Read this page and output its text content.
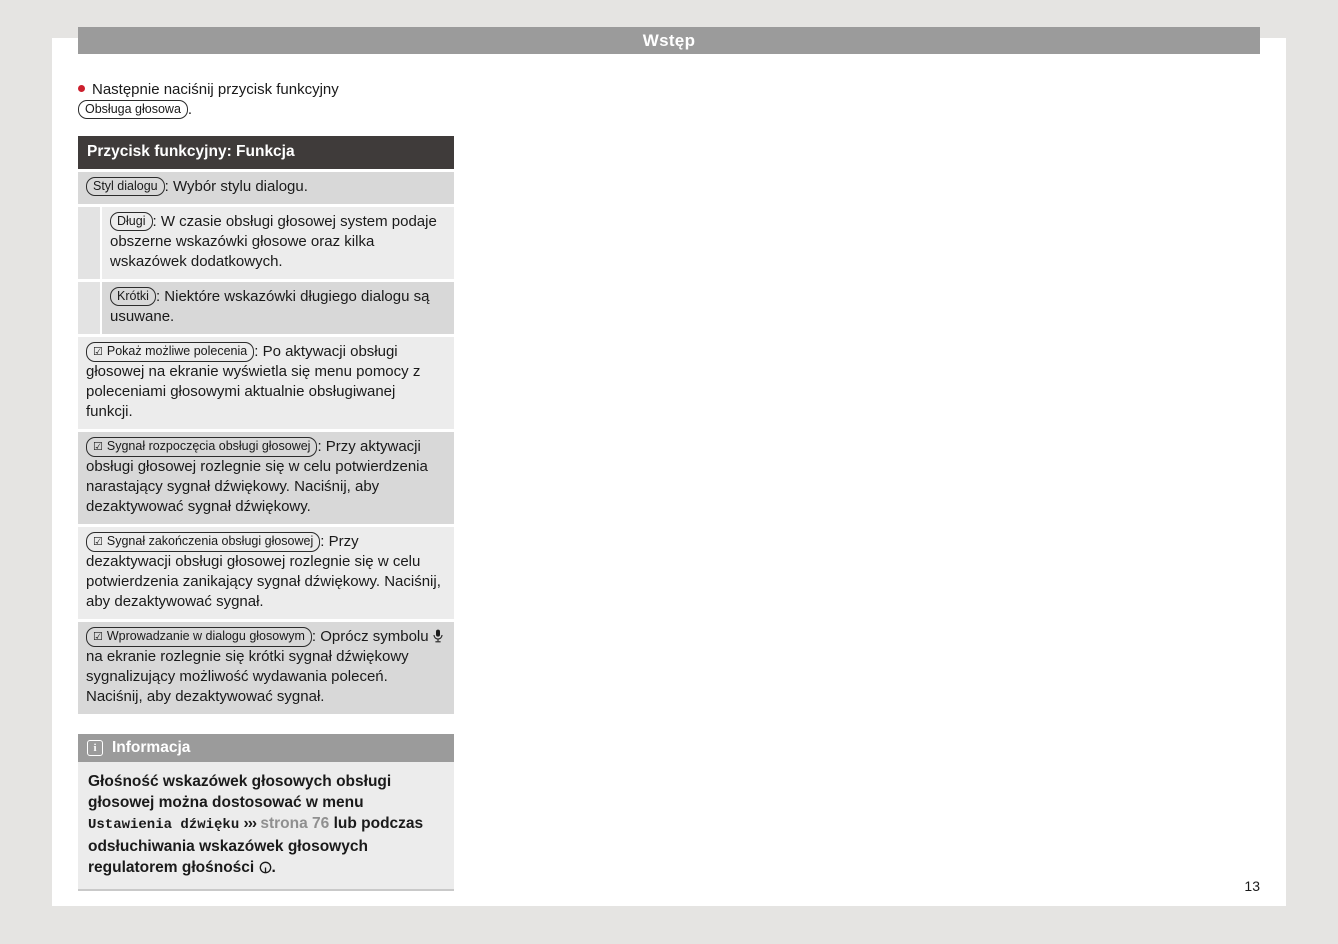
Wstęp
Następnie naciśnij przycisk funkcyjny
Obsługa głosowa .
Przycisk funkcyjny: Funkcja
Styl dialogu : Wybór stylu dialogu.
Długi : W czasie obsługi głosowej system podaje obszerne wskazówki głosowe oraz kilka wskazówek dodatkowych.
Krótki : Niektóre wskazówki długiego dialogu są usuwane.
☑ Pokaż możliwe polecenia : Po aktywacji obsługi głosowej na ekranie wyświetla się menu pomocy z poleceniami głosowymi aktualnie obsługiwanej funkcji.
☑ Sygnał rozpoczęcia obsługi głosowej : Przy aktywacji obsługi głosowej rozlegnie się w celu potwierdzenia narastający sygnał dźwiękowy. Naciśnij, aby dezaktywować sygnał dźwiękowy.
☑ Sygnał zakończenia obsługi głosowej : Przy dezaktywacji obsługi głosowej rozlegnie się w celu potwierdzenia zanikający sygnał dźwiękowy. Naciśnij, aby dezaktywować sygnał.
☑ Wprowadzanie w dialogu głosowym : Oprócz symbolu  na ekranie rozlegnie się krótki sygnał dźwiękowy sygnalizujący możliwość wydawania poleceń. Naciśnij, aby dezaktywować sygnał.
i Informacja
Głośność wskazówek głosowych obsługi głosowej można dostosować w menu Ustawienia dźwięku ››› strona 76 lub podczas odsłuchiwania wskazówek głosowych regulatorem głośności .
13
